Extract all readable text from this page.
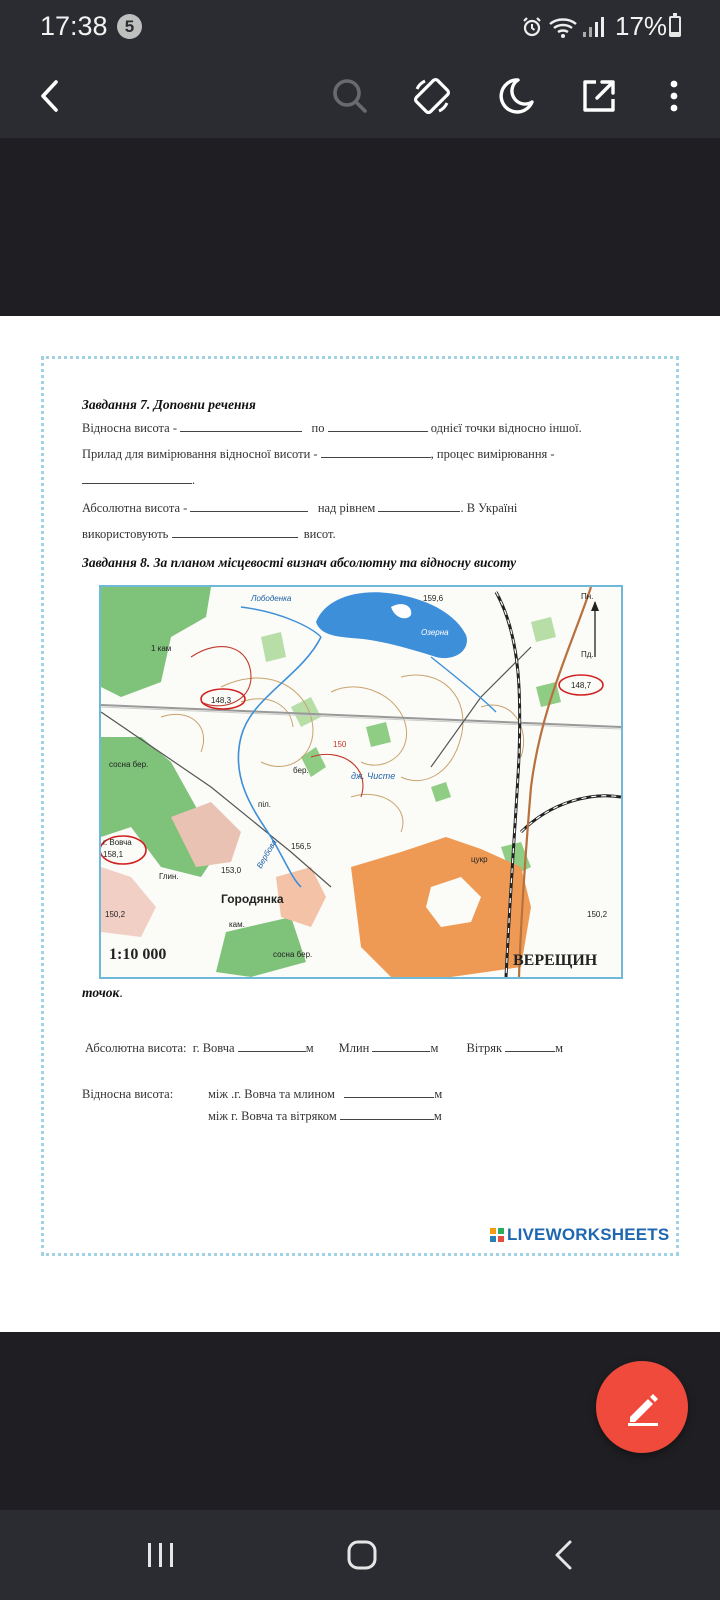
17:38	5	17%
Завдання 7. Доповни речення
Відносна висота -	по	однієї точки відносно іншої.
Прилад для вимірювання відносної висоти -	, процес вимірювання -
.
Абсолютна висота -	над рівнем	. В Україні
використовують	висот.
Завдання 8. За планом місцевості визнач абсолютну та відносну висоту
148,3
148,7
г. Вовча
158,1
150,2	150,2
153,0
156,5
150
159,6	Пн.
Пд.
1 кам
сосна бер.
сосна бер.
бер.
цукр
піл.
кам.
Глин.
Лободенка
Озерна
Вербова
дж. Чисте
Городянка
ВЕРЕЩИН
1:10 000
точок.
Абсолютна висота: г. Вовча	м Млин	м Вітряк	м
Відносна висота:	між .г. Вовча та млином	м
між г. Вовча та вітряком	м
LIVEWORKSHEETS
